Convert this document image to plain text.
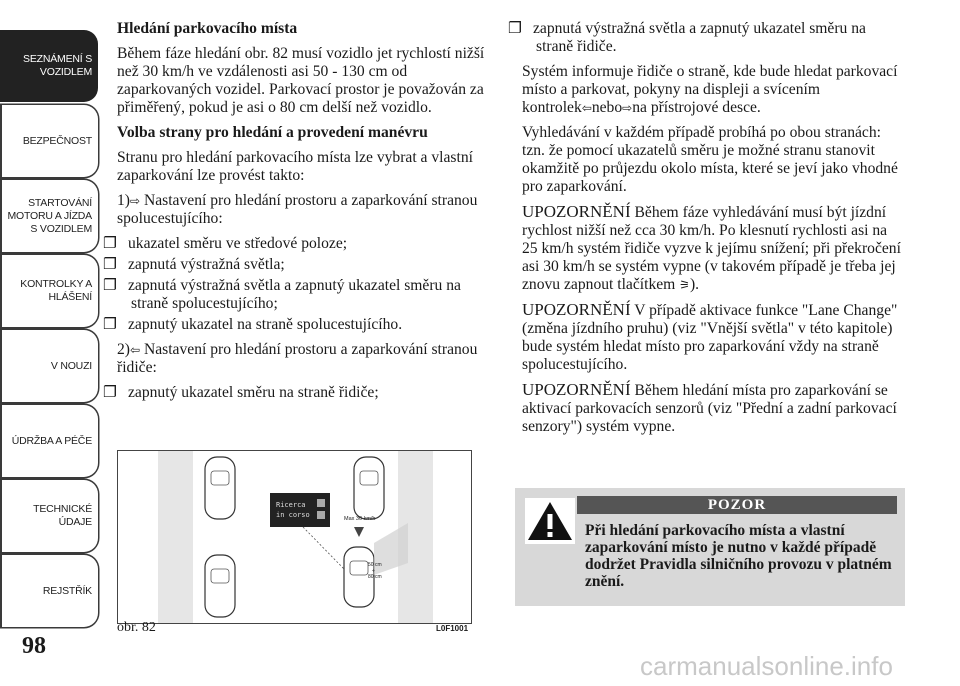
SEZNÁMENÍ S
VOZIDLEM
BEZPEČNOST
STARTOVÁNÍ
MOTORU A JÍZDA
S VOZIDLEM
KONTROLKY A
HLÁŠENÍ
V NOUZI
ÚDRŽBA A PÉČE
TECHNICKÉ
ÚDAJE
REJSTŘÍK
98

Hledání parkovacího místa

Během fáze hledání obr. 82 musí vozidlo jet rychlostí nižší než 30 km/h ve vzdálenosti asi 50 - 130 cm od zaparkovaných vozidel. Parkovací prostor je považován za přiměřený, pokud je asi o 80 cm delší než vozidlo.

Volba strany pro hledání a provedení manévru

Stranu pro hledání parkovacího místa lze vybrat a vlastní zaparkování lze provést takto:

1)⇨ Nastavení pro hledání prostoru a zaparkování stranou spolucestujícího:

❐ ukazatel směru ve středové poloze;

❐ zapnutá výstražná světla;

❐ zapnutá výstražná světla a zapnutý ukazatel směru na straně spolucestujícího;

❐ zapnutý ukazatel na straně spolucestujícího.

2)⇦ Nastavení pro hledání prostoru a zaparkování stranou řidiče:

❐ zapnutý ukazatel směru na straně řidiče;

Ricerca
in corso	Max 30 km/h
50 cm
÷
80 cm
obr. 82	L0F1001

❐ zapnutá výstražná světla a zapnutý ukazatel směru na straně řidiče.

Systém informuje řidiče o straně, kde bude hledat parkovací místo a parkovat, pokyny na displeji a svícením kontrolek⇦nebo⇨na přístrojové desce.

Vyhledávání v každém případě probíhá po obou stranách: tzn. že pomocí ukazatelů směru je možné stranu stanovit okamžitě po průjezdu okolo místa, které se jeví jako vhodné pro zaparkování.

UPOZORNĚNÍ Během fáze vyhledávání musí být jízdní rychlost nižší než cca 30 km/h. Po klesnutí rychlosti asi na 25 km/h systém řidiče vyzve k jejímu snížení; při překročení asi 30 km/h se systém vypne (v takovém případě je třeba jej znovu zapnout tlačítkem ⚞).

UPOZORNĚNÍ V případě aktivace funkce "Lane Change" (změna jízdního pruhu) (viz "Vnější světla" v této kapitole) bude systém hledat místo pro zaparkování vždy na straně spolucestujícího.

UPOZORNĚNÍ Během hledání místa pro zaparkování se aktivací parkovacích senzorů (viz "Přední a zadní parkovací senzory") systém vypne.

POZOR
Při hledání parkovacího místa a vlastní zaparkování místo je nutno v každé případě dodržet Pravidla silničního provozu v platném znění.
carmanualsonline.info
